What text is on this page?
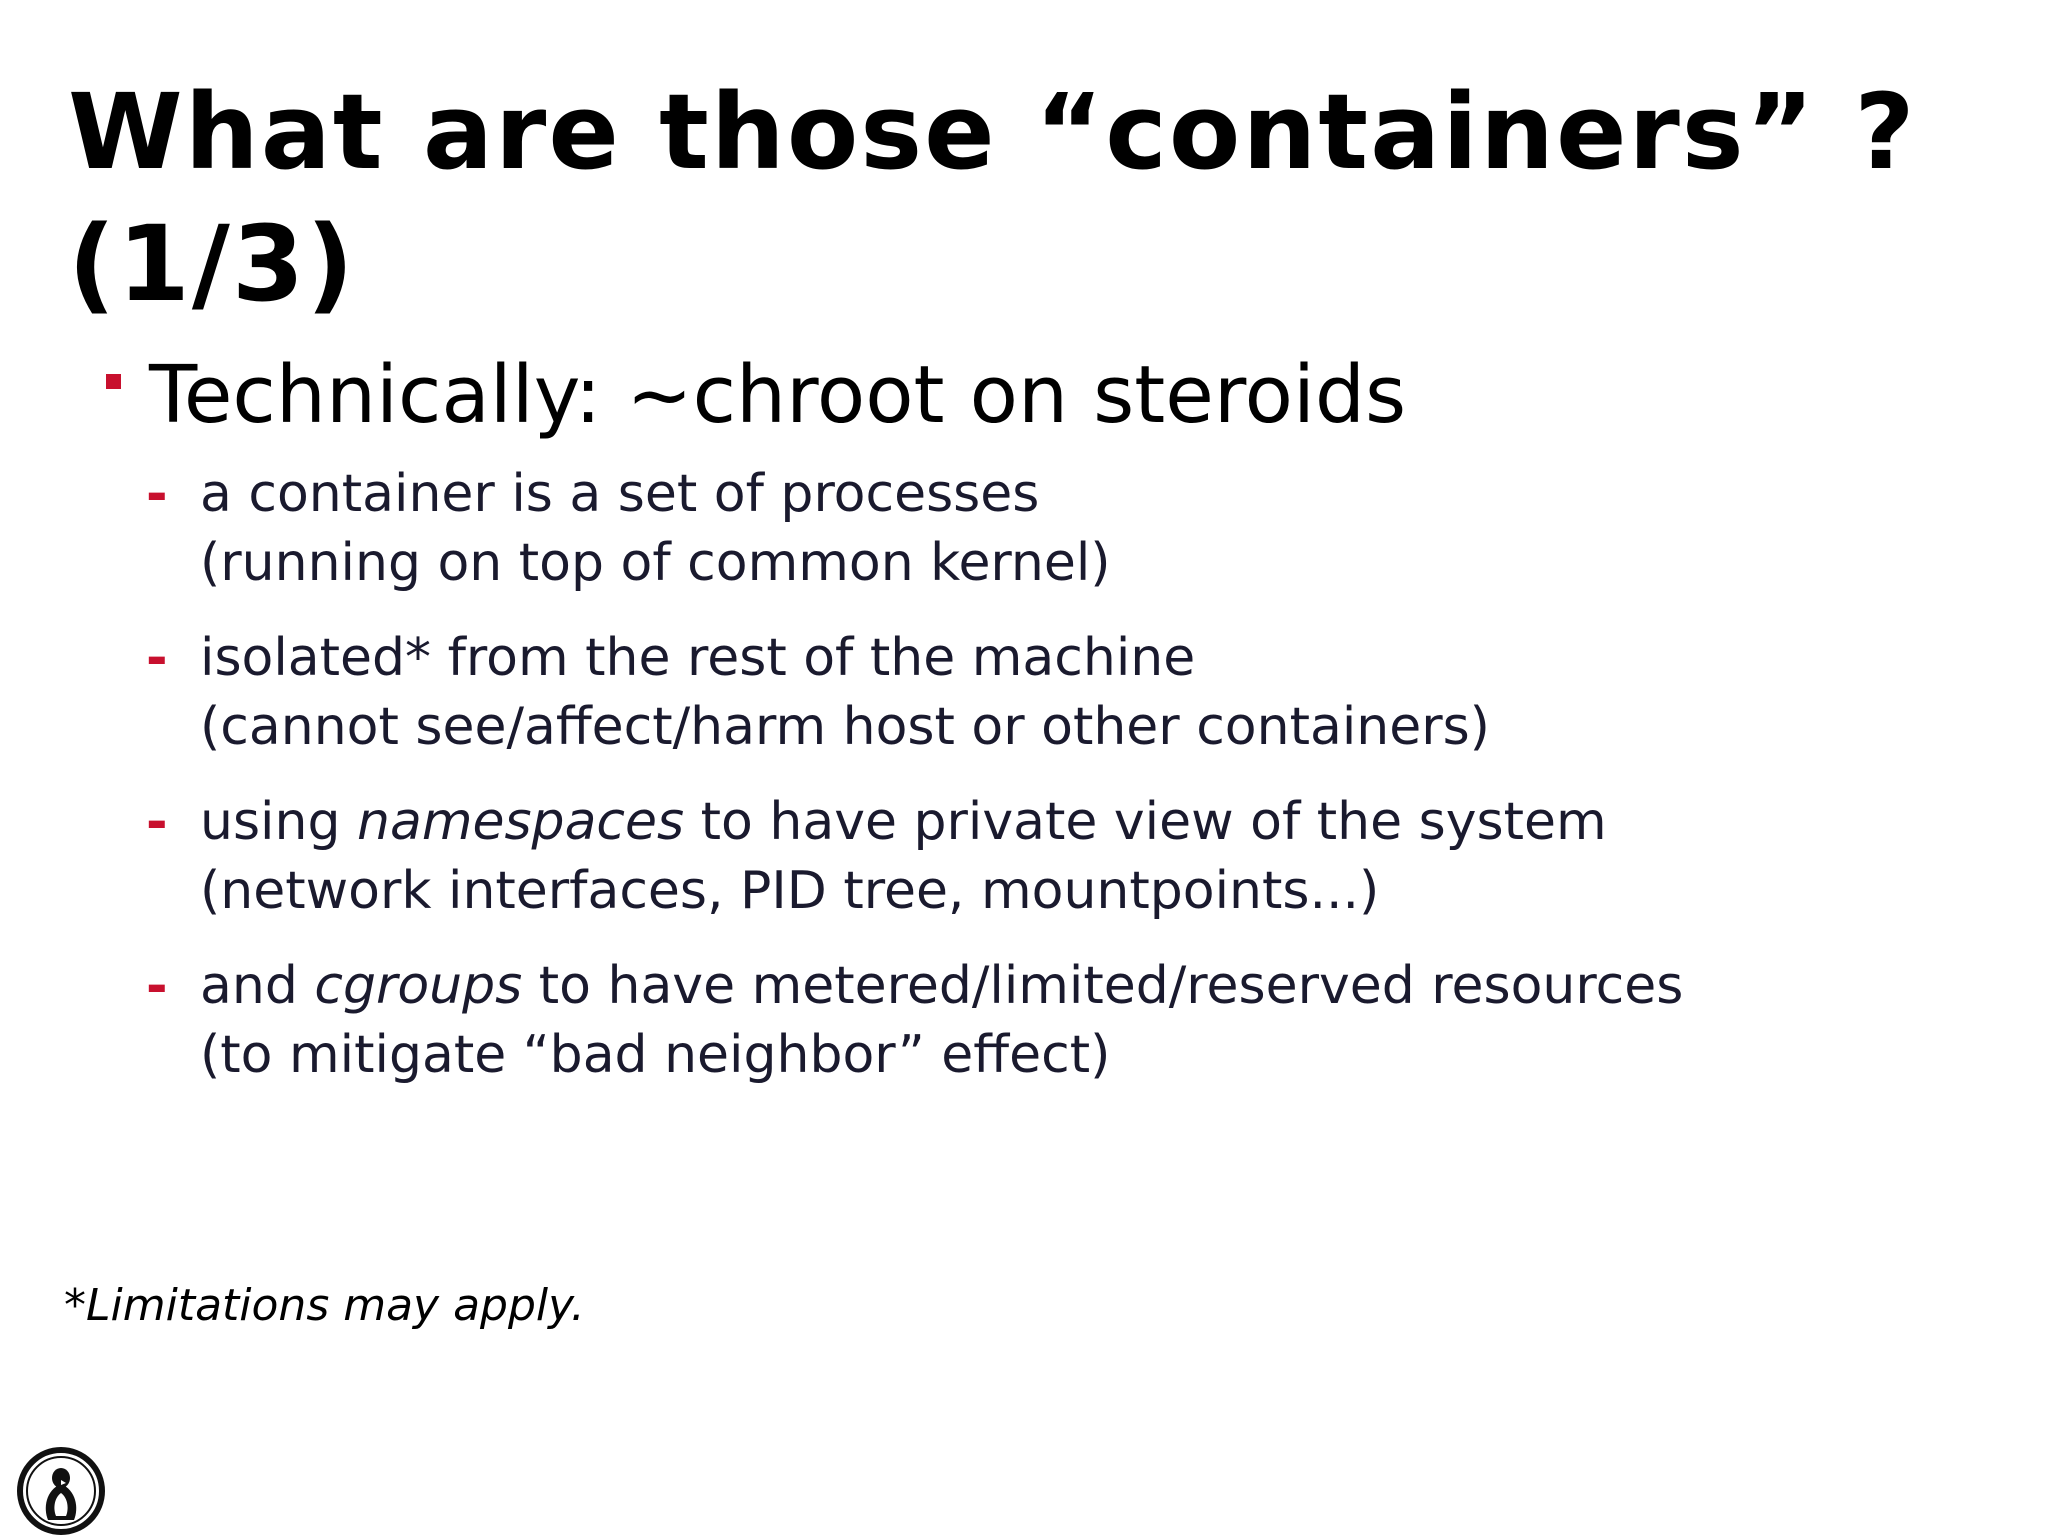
What are those “containers” ?
(1/3)
Technically: ~chroot on steroids
- a container is a set of processes
(running on top of common kernel)
- isolated* from the rest of the machine
(cannot see/affect/harm host or other containers)
- using namespaces to have private view of the system
(network interfaces, PID tree, mountpoints...)
- and cgroups to have metered/limited/reserved resources
(to mitigate “bad neighbor” effect)
*Limitations may apply.
